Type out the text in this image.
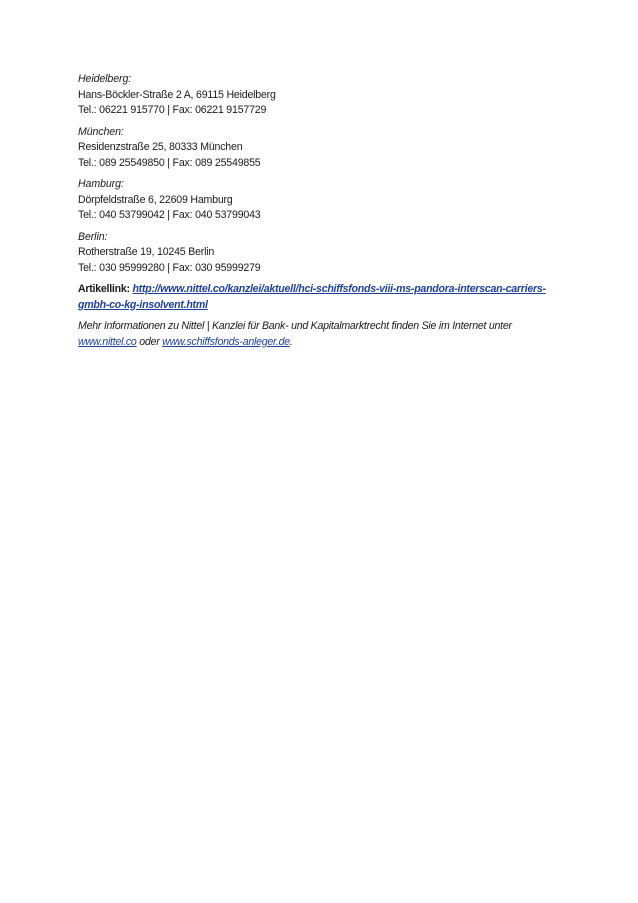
Heidelberg:
Hans-Böckler-Straße 2 A, 69115 Heidelberg
Tel.: 06221 915770 | Fax: 06221 9157729
München:
Residenzstraße 25, 80333 München
Tel.: 089 25549850 | Fax: 089 25549855
Hamburg:
Dörpfeldstraße 6, 22609 Hamburg
Tel.: 040 53799042 | Fax: 040 53799043
Berlin:
Rotherstraße 19, 10245 Berlin
Tel.: 030 95999280 | Fax: 030 95999279
Artikellink: http://www.nittel.co/kanzlei/aktuell/hci-schiffsfonds-viii-ms-pandora-interscan-carriers-gmbh-co-kg-insolvent.html
Mehr Informationen zu Nittel | Kanzlei für Bank- und Kapitalmarktrecht finden Sie im Internet unter www.nittel.co oder www.schiffsfonds-anleger.de.
